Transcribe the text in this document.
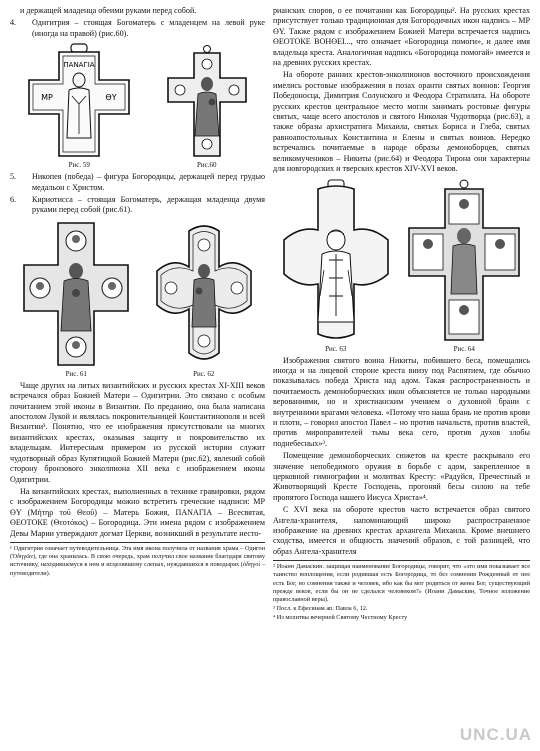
и держащей младенца обеими руками перед собой.

4.	Одигитрия – стоящая Богоматерь с младенцем на левой руке (иногда на правой) (рис.60).
ПАNАГIA
МР	ӨY
Рис. 59	Рис.60
5.	Никопея (победа) – фигура Богородицы, держащей перед грудью медальон с Христом.
6.	Кириотисса – стоящая Богоматерь, держащая младенца двумя руками перед собой (рис.61).
Рис. 61	Рис. 62

Чаще других на литых византийских и русских крестах XI-XIII веков встречался образ Божией Матери – Одигитрии. Это связано с особым почитанием этой иконы в Византии. По преданию, она была написана апостолом Лукой и являлась покровительницей Константинополя и всей Византии³. Понятно, что ее изображения присутствовали на многих византийских крестах, оказывая защиту и покровительство их владельцам. Интересным примером из русской истории служит чудотворный образ Купятицкой Божией Матери (рис.62), явлений собой сторону бронзового энколпиона XII века с изображением иконы Одигитрии.

На византийских крестах, выполненных в технике гравировки, рядом с изображением Богородицы можно встретить греческие надписи: МР ӨY (Μήτηρ τοῦ Θεοῦ) – Матерь Божия, ПАNАГIA – Всесвятая, ӨЕОТОКЕ (Θεοτόκος) – Богородица. Эти имена рядом с изображением Девы Марии утверждают догмат Церкви, возникший в результате несто-

¹ Одигитрия означает путеводительница. Эта имя икона получила от названия храма – Одигон (Ὁδηγῶν), где она хранилась. В свою очередь, храм получил свое название благодаря святому источнику, находившемуся в нем и исцелявшему слепых, нуждавшихся в поводырях (ὁδηγοί – путеводители).

рианских споров, о ее почитании как Богородицы². На русских крестах присутствует только традиционная для Богородичных икон надпись – МР ӨY. Также рядом с изображением Божией Матери встречается надпись ӨЕОТОКЕ ВОНӨЕI..., что означает «Богородица помоги», и далее имя владельца креста. Аналогичная надпись «Богородица помогай» имеется и на древних русских крестах.

На обороте ранних крестов-энколпионов восточного происхождения имелись ростовые изображения в позах оранти святых воинов: Георгия Победоносца, Димитрия Солунского и Феодора Стратилата. На обороте русских крестов центральное место могли занимать ростовые фигуры святых, чаще всего апостолов и святого Николая Чудотворца (рис.63), а также образы архистратига Михаила, святых Бориса и Глеба, святых равноапостольных Константина и Елены и святых воинов. Нередко встречались почитаемые в народе образы демоноборцев, святых великомучеников – Никиты (рис.64) и Феодора Тирона они характерны для новгородских и тверских крестов XIV-XVI веков.

Рис. 63	Рис. 64

Изображения святого воина Никиты, побившего беса, помещались иногда и на лицевой стороне креста внизу под Распятием, где обычно показывалась победа Христа над адом. Такая распространенность и почитаемость демоноборческих икон объясняется не только народными верованиями, но и христианским учением о духовной брани с внутренними врагами человека. «Потому что наша брань не против крови и плоти, – говорил апостол Павел – но против начальств, против властей, против мироправителей тьмы века сего, против духов злобы поднебесных»³.

Помещение демоноборческих сюжетов на кресте раскрывало его значение непобедимого оружия в борьбе с адом, закрепленное в церковной гимнографии и молитвах Кресту: «Радуйся, Пречестный и Животворящий Кресте Господень, прогоняй бесы силою на тебе пропятого Господа нашего Иисуса Христа»⁴.

С XVI века на обороте крестов часто встречается образ святого Ангела-хранителя, напоминающий широко распространенное изображение на древних крестах архангела Михаила. Кроме внешнего сходства, имеется и общность значений образов, с той разницей, что образ Ангела-хранителя

² Иоанн Дамаскин. защищая наименование Богородицы, говорит, что «это имя показывает все таинство воплощения, если родившая есть Богородица, то без сомнения Рожденный от нее есть Бог, но сомнения также и человек, ибо как бы мог родиться от жены Бог, существующий прежде веков, если бы он не сделался человеком?» (Иоанн Дамаскин, Точное изложение православной веры).
³ Посл. к Ефесянам ап. Павла 6, 12.
⁴ Из молитвы вечерней Святому Честному Кресту
UNC.UA
